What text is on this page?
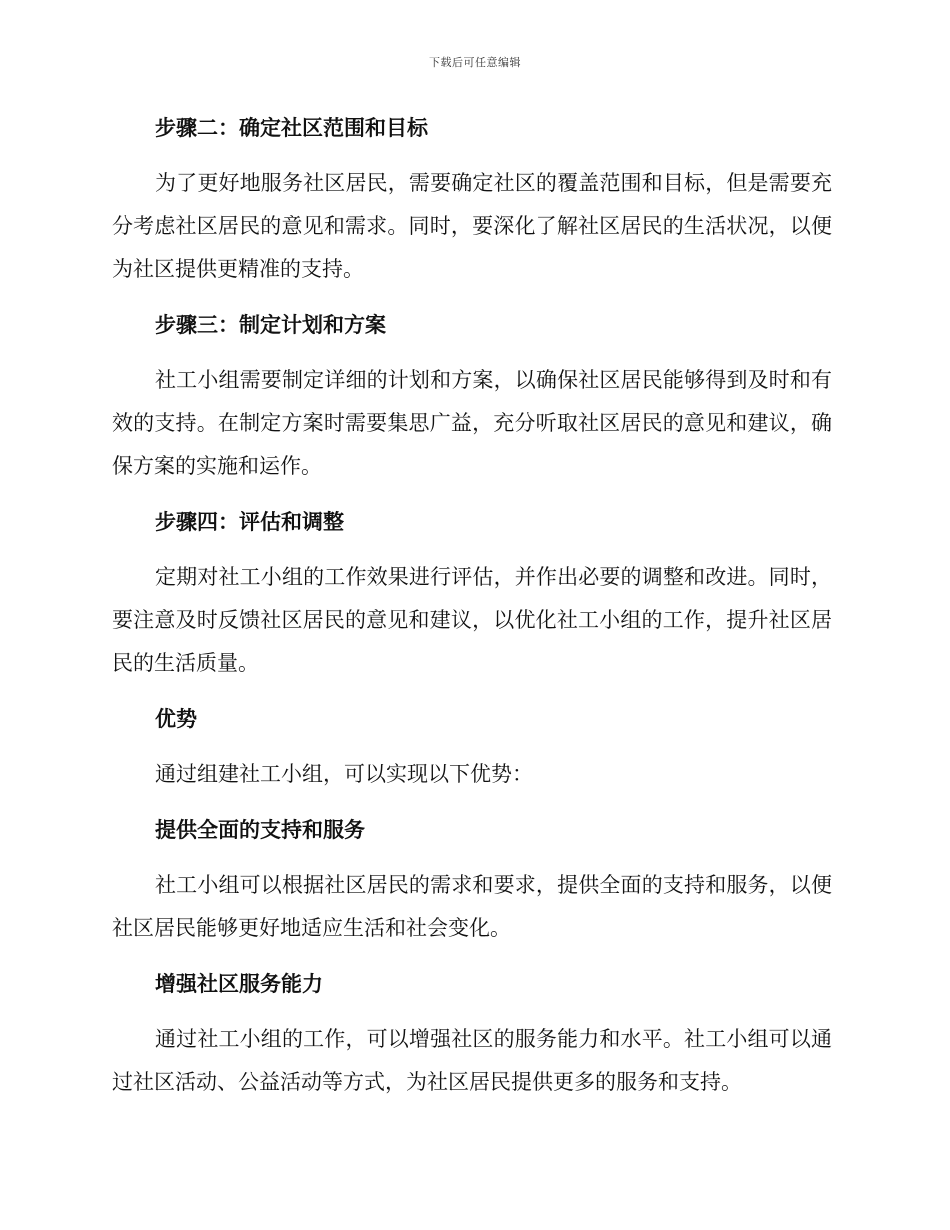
下载后可任意编辑

步骤二：确定社区范围和目标

为了更好地服务社区居民，需要确定社区的覆盖范围和目标，但是需要充分考虑社区居民的意见和需求。同时，要深化了解社区居民的生活状况，以便为社区提供更精准的支持。

步骤三：制定计划和方案

社工小组需要制定详细的计划和方案，以确保社区居民能够得到及时和有效的支持。在制定方案时需要集思广益，充分听取社区居民的意见和建议，确保方案的实施和运作。

步骤四：评估和调整

定期对社工小组的工作效果进行评估，并作出必要的调整和改进。同时，要注意及时反馈社区居民的意见和建议，以优化社工小组的工作，提升社区居民的生活质量。

优势

通过组建社工小组，可以实现以下优势：

提供全面的支持和服务

社工小组可以根据社区居民的需求和要求，提供全面的支持和服务，以便社区居民能够更好地适应生活和社会变化。

增强社区服务能力

通过社工小组的工作，可以增强社区的服务能力和水平。社工小组可以通过社区活动、公益活动等方式，为社区居民提供更多的服务和支持。
